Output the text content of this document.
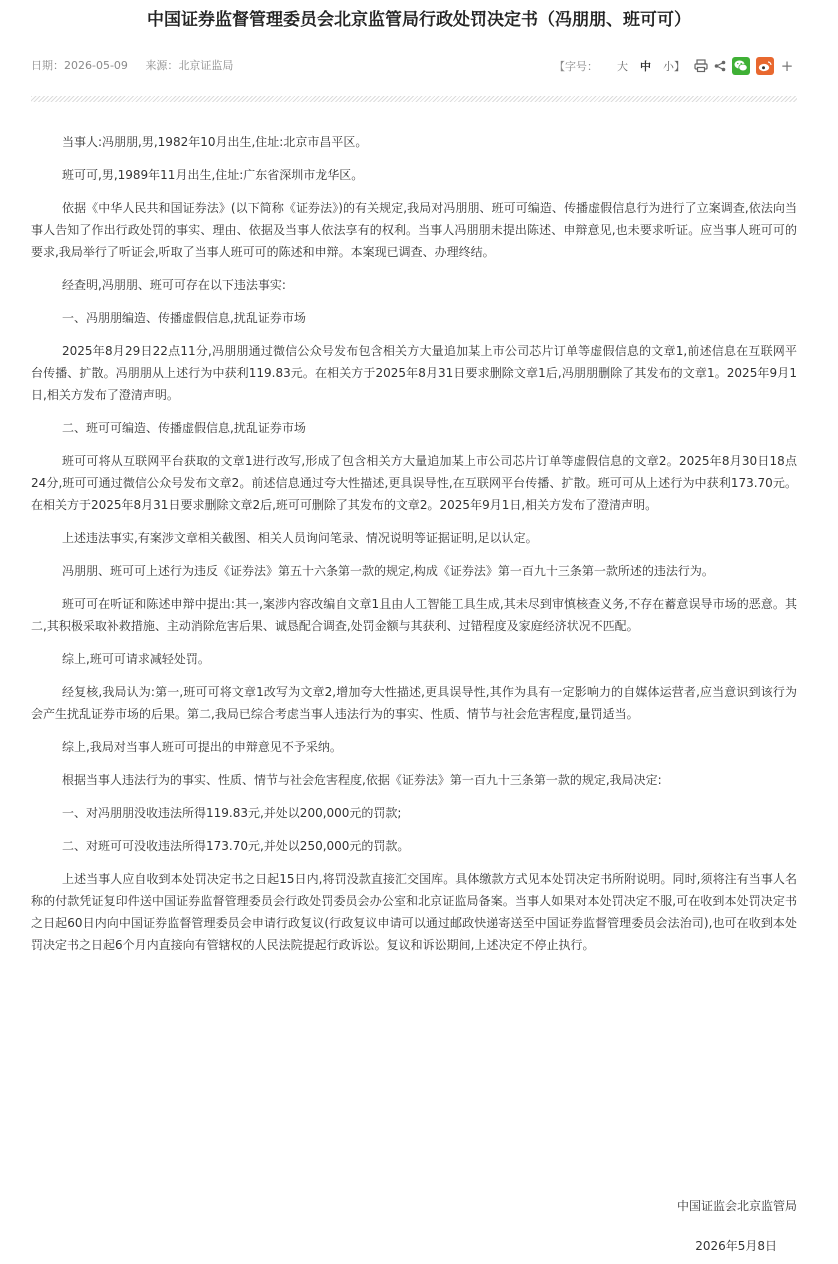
中国证券监督管理委员会北京监管局行政处罚决定书（冯朋朋、班可可）
日期：2026-05-09 来源：北京证监局	【字号： 大 中 小】	+

当事人:冯朋朋,男,1982年10月出生,住址:北京市昌平区。

班可可,男,1989年11月出生,住址:广东省深圳市龙华区。

依据《中华人民共和国证券法》(以下简称《证券法》)的有关规定,我局对冯朋朋、班可可编造、传播虚假信息行为进行了立案调查,依法向当事人告知了作出行政处罚的事实、理由、依据及当事人依法享有的权利。当事人冯朋朋未提出陈述、申辩意见,也未要求听证。应当事人班可可的要求,我局举行了听证会,听取了当事人班可可的陈述和申辩。本案现已调查、办理终结。

经查明,冯朋朋、班可可存在以下违法事实:

一、冯朋朋编造、传播虚假信息,扰乱证券市场

2025年8月29日22点11分,冯朋朋通过微信公众号发布包含相关方大量追加某上市公司芯片订单等虚假信息的文章1,前述信息在互联网平台传播、扩散。冯朋朋从上述行为中获利119.83元。在相关方于2025年8月31日要求删除文章1后,冯朋朋删除了其发布的文章1。2025年9月1日,相关方发布了澄清声明。

二、班可可编造、传播虚假信息,扰乱证券市场

班可可将从互联网平台获取的文章1进行改写,形成了包含相关方大量追加某上市公司芯片订单等虚假信息的文章2。2025年8月30日18点24分,班可可通过微信公众号发布文章2。前述信息通过夸大性描述,更具误导性,在互联网平台传播、扩散。班可可从上述行为中获利173.70元。在相关方于2025年8月31日要求删除文章2后,班可可删除了其发布的文章2。2025年9月1日,相关方发布了澄清声明。

上述违法事实,有案涉文章相关截图、相关人员询问笔录、情况说明等证据证明,足以认定。

冯朋朋、班可可上述行为违反《证券法》第五十六条第一款的规定,构成《证券法》第一百九十三条第一款所述的违法行为。

班可可在听证和陈述申辩中提出:其一,案涉内容改编自文章1且由人工智能工具生成,其未尽到审慎核查义务,不存在蓄意误导市场的恶意。其二,其积极采取补救措施、主动消除危害后果、诚恳配合调查,处罚金额与其获利、过错程度及家庭经济状况不匹配。

综上,班可可请求减轻处罚。

经复核,我局认为:第一,班可可将文章1改写为文章2,增加夸大性描述,更具误导性,其作为具有一定影响力的自媒体运营者,应当意识到该行为会产生扰乱证券市场的后果。第二,我局已综合考虑当事人违法行为的事实、性质、情节与社会危害程度,量罚适当。

综上,我局对当事人班可可提出的申辩意见不予采纳。

根据当事人违法行为的事实、性质、情节与社会危害程度,依据《证券法》第一百九十三条第一款的规定,我局决定:

一、对冯朋朋没收违法所得119.83元,并处以200,000元的罚款;

二、对班可可没收违法所得173.70元,并处以250,000元的罚款。

上述当事人应自收到本处罚决定书之日起15日内,将罚没款直接汇交国库。具体缴款方式见本处罚决定书所附说明。同时,须将注有当事人名称的付款凭证复印件送中国证券监督管理委员会行政处罚委员会办公室和北京证监局备案。当事人如果对本处罚决定不服,可在收到本处罚决定书之日起60日内向中国证券监督管理委员会申请行政复议(行政复议申请可以通过邮政快递寄送至中国证券监督管理委员会法治司),也可在收到本处罚决定书之日起6个月内直接向有管辖权的人民法院提起行政诉讼。复议和诉讼期间,上述决定不停止执行。

中国证监会北京监管局
2026年5月8日
